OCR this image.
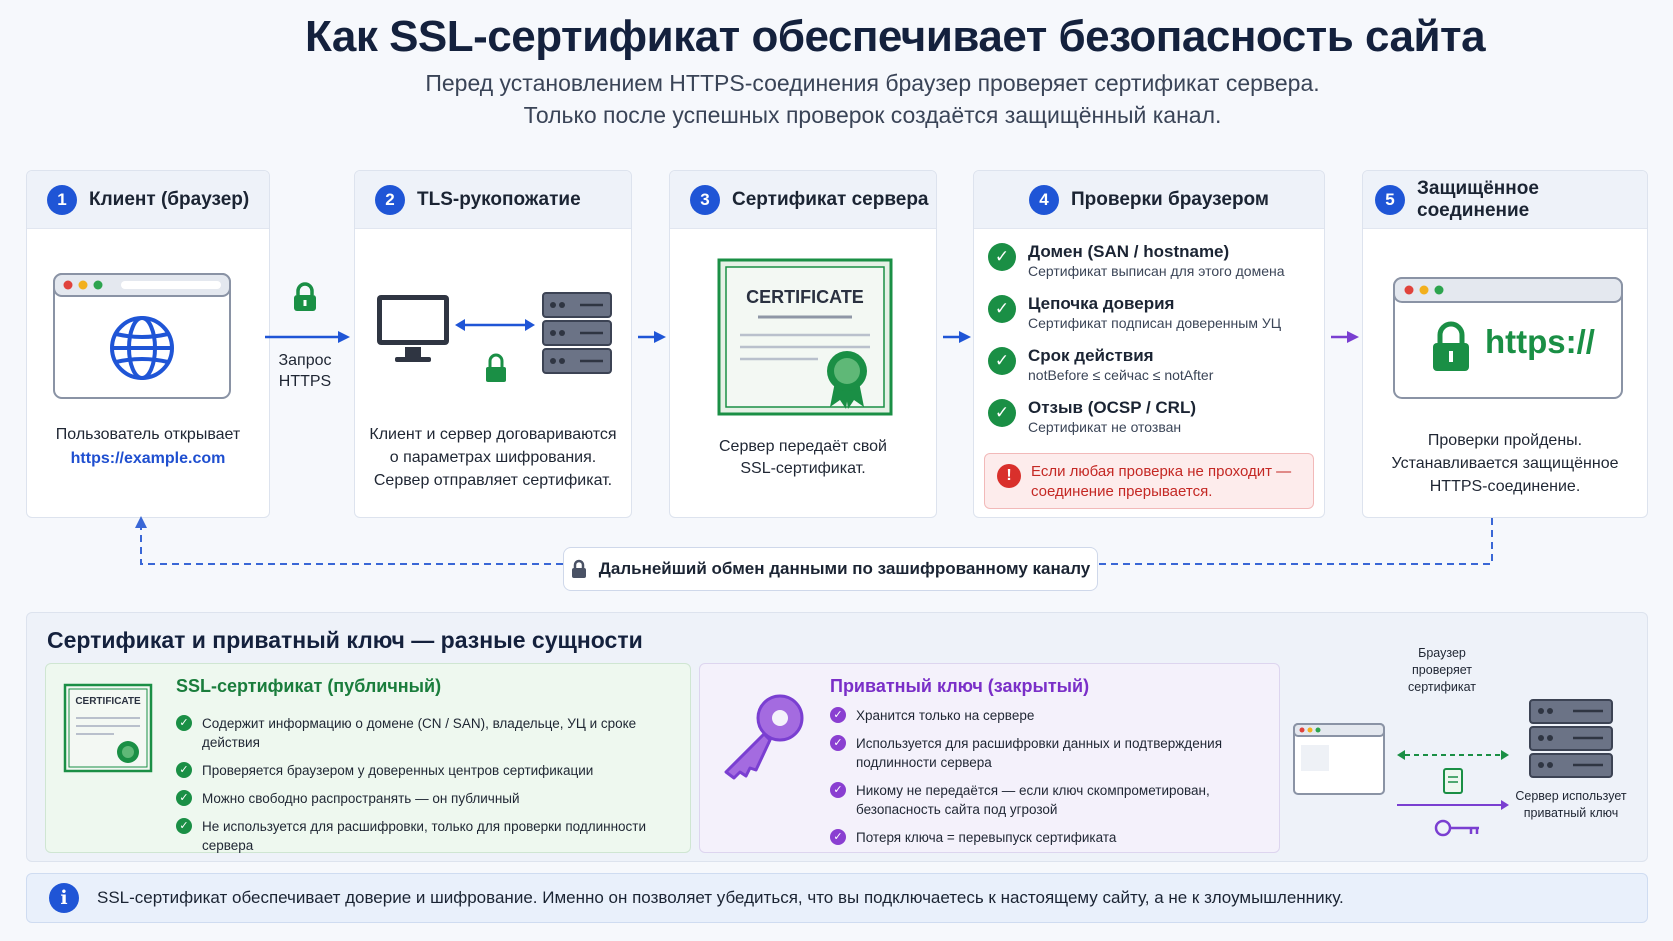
Как SSL-сертификат обеспечивает безопасность сайта
Перед установлением HTTPS-соединения браузер проверяет сертификат сервера.
Только после успешных проверок создаётся защищённый канал.
1	Клиент (браузер)
Пользователь открывает
https://example.com
Запрос
HTTPS
2	TLS-рукопожатие
Клиент и сервер договариваются
о параметрах шифрования.
Сервер отправляет сертификат.
3	Сертификат сервера
CERTIFICATE
Сервер передаёт свой
SSL-сертификат.
4	Проверки браузером
✓	Домен (SAN / hostname)
Сертификат выписан для этого домена
✓	Цепочка доверия
Сертификат подписан доверенным УЦ
✓	Срок действия
notBefore ≤ сейчас ≤ notAfter
✓	Отзыв (OCSP / CRL)
Сертификат не отозван
!	Если любая проверка не проходит — соединение прерывается.
5
Защищённое соединение
https://
Проверки пройдены.
Устанавливается защищённое
HTTPS-соединение.
Дальнейший обмен данными по зашифрованному каналу
Сертификат и приватный ключ — разные сущности
CERTIFICATE
SSL-сертификат (публичный)
✓ Содержит информацию о домене (CN / SAN), владельце, УЦ и сроке действия
✓ Проверяется браузером у доверенных центров сертификации
✓ Можно свободно распространять — он публичный
✓ Не используется для расшифровки, только для проверки подлинности сервера
Приватный ключ (закрытый)
✓ Хранится только на сервере
✓ Используется для расшифровки данных и подтверждения подлинности сервера
✓ Никому не передаётся — если ключ скомпрометирован, безопасность сайта под угрозой
✓ Потеря ключа = перевыпуск сертификата
Браузер проверяет сертификат
Сервер использует приватный ключ
i	SSL-сертификат обеспечивает доверие и шифрование. Именно он позволяет убедиться, что вы подключаетесь к настоящему сайту, а не к злоумышленнику.
